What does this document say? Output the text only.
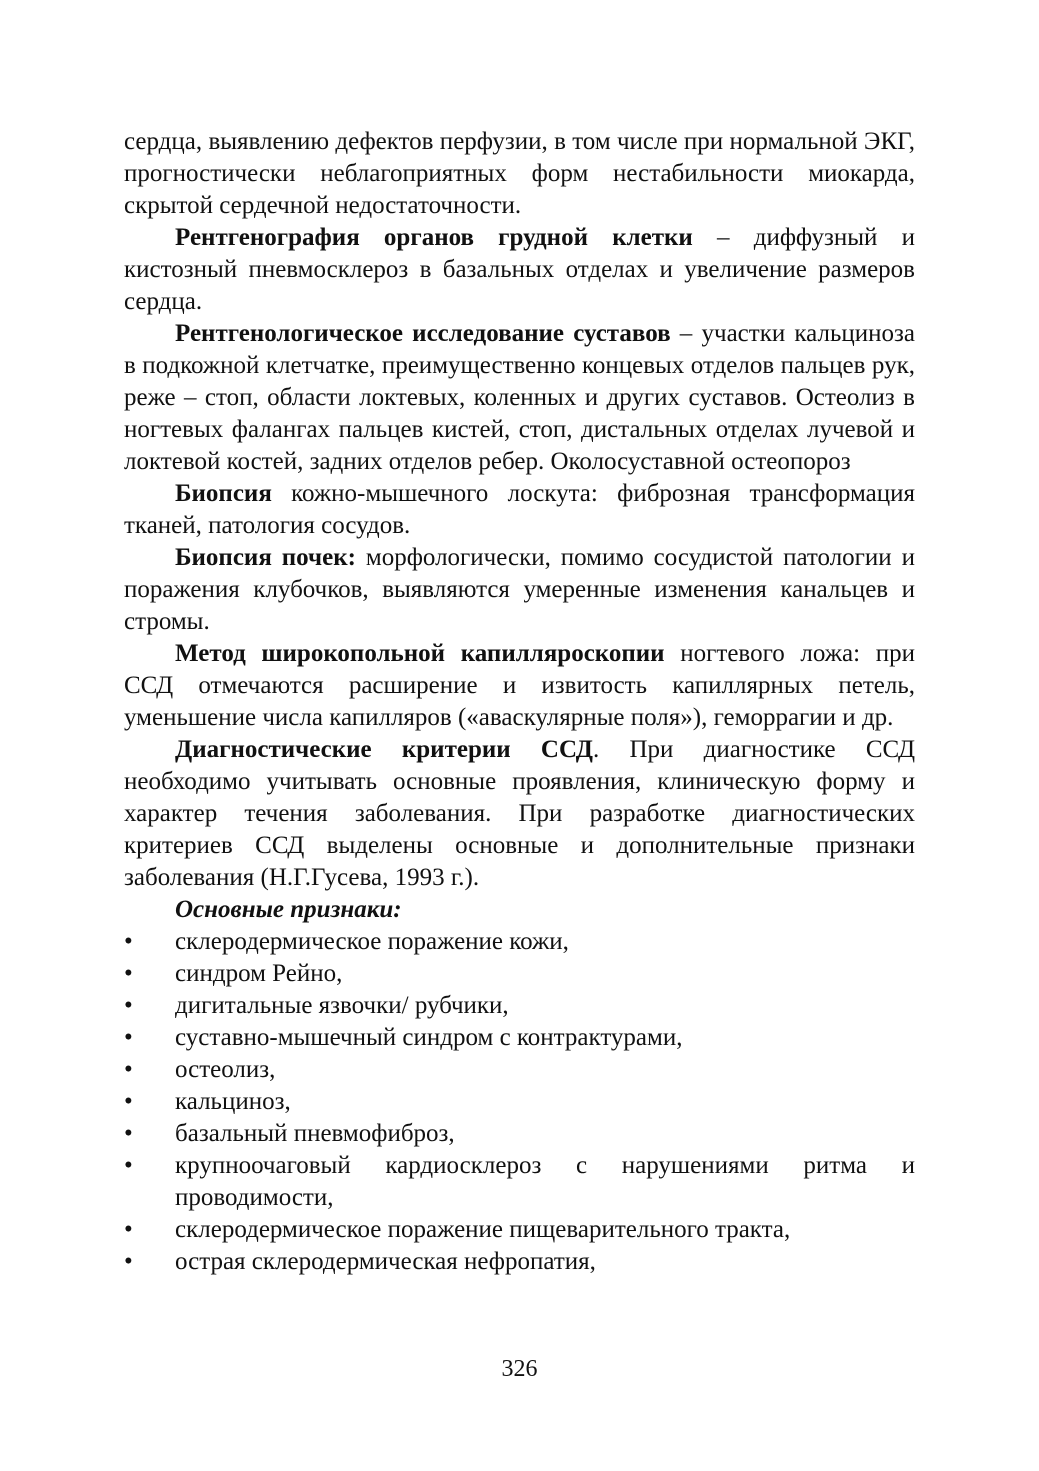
сердца, выявлению дефектов перфузии, в том числе при нормальной ЭКГ, прогностически неблагоприятных форм нестабильности миокарда, скрытой сердечной недостаточности.

Рентгенография органов грудной клетки – диффузный и кистозный пневмосклероз в базальных отделах и увеличение размеров сердца.

Рентгенологическое исследование суставов – участки кальциноза в подкожной клетчатке, преимущественно концевых отделов пальцев рук, реже – стоп, области локтевых, коленных и других суставов. Остеолиз в ногтевых фалангах пальцев кистей, стоп, дистальных отделах лучевой и локтевой костей, задних отделов ребер. Околосуставной остеопороз

Биопсия кожно-мышечного лоскута: фиброзная трансформация тканей, патология сосудов.

Биопсия почек: морфологически, помимо сосудистой патологии и поражения клубочков, выявляются умеренные изменения канальцев и стромы.

Метод широкопольной капилляроскопии ногтевого ложа: при ССД отмечаются расширение и извитость капиллярных петель, уменьшение числа капилляров («аваскулярные поля»), геморрагии и др.

Диагностические критерии ССД. При диагностике ССД необходимо учитывать основные проявления, клиническую форму и характер течения заболевания. При разработке диагностических критериев ССД выделены основные и дополнительные признаки заболевания (Н.Г.Гусева, 1993 г.).

Основные признаки:

• склеродермическое поражение кожи,
• синдром Рейно,
• дигитальные язвочки/ рубчики,
• суставно-мышечный синдром с контрактурами,
• остеолиз,
• кальциноз,
• базальный пневмофиброз,
• крупноочаговый кардиосклероз с нарушениями ритма и проводимости,
• склеродермическое поражение пищеварительного тракта,
• острая склеродермическая нефропатия,
326
